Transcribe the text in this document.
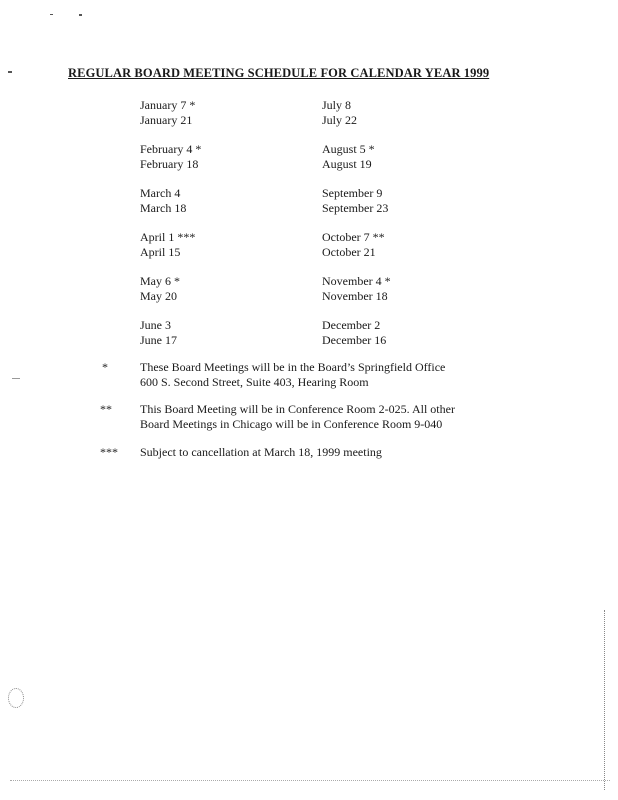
REGULAR BOARD MEETING SCHEDULE FOR CALENDAR YEAR 1999
January 7 *
January 21
February 4 *
February 18
March 4
March 18
April 1 ***
April 15
May 6 *
May 20
June 3
June 17
July 8
July 22
August 5 *
August 19
September 9
September 23
October 7 **
October 21
November 4 *
November 18
December 2
December 16
*	These Board Meetings will be in the Board’s Springfield Office
600 S. Second Street, Suite 403, Hearing Room
** This Board Meeting will be in Conference Room 2-025. All other
Board Meetings in Chicago will be in Conference Room 9-040
*** Subject to cancellation at March 18, 1999 meeting
